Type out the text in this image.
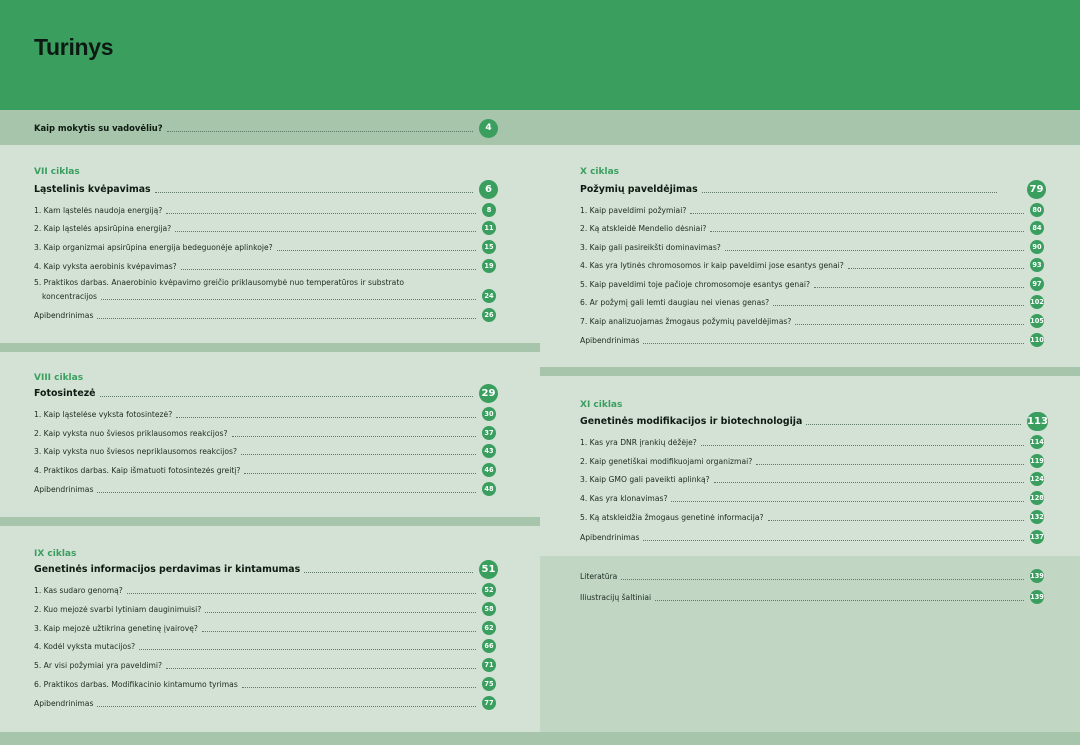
Turinys
Kaip mokytis su vadovėliu?	4
VII ciklas
Ląstelinis kvėpavimas	6
1. Kam ląstelės naudoja energiją?	8
2. Kaip ląstelės apsirūpina energija?	11
3. Kaip organizmai apsirūpina energija bedeguonėje aplinkoje?	15
4. Kaip vyksta aerobinis kvėpavimas?	19
5. Praktikos darbas. Anaerobinio kvėpavimo greičio priklausomybė nuo temperatūros ir substrato
koncentracijos	24
Apibendrinimas	26
VIII ciklas
Fotosintezė	29
1. Kaip ląstelėse vyksta fotosintezė?	30
2. Kaip vyksta nuo šviesos priklausomos reakcijos?	37
3. Kaip vyksta nuo šviesos nepriklausomos reakcijos?	43
4. Praktikos darbas. Kaip išmatuoti fotosintezės greitį?	46
Apibendrinimas	48
IX ciklas
Genetinės informacijos perdavimas ir kintamumas	51
1. Kas sudaro genomą?	52
2. Kuo mejozė svarbi lytiniam dauginimuisi?	58
3. Kaip mejozė užtikrina genetinę įvairovę?	62
4. Kodėl vyksta mutacijos?	66
5. Ar visi požymiai yra paveldimi?	71
6. Praktikos darbas. Modifikacinio kintamumo tyrimas	75
Apibendrinimas	77
X ciklas
Požymių paveldėjimas	79
1. Kaip paveldimi požymiai?	80
2. Ką atskleidė Mendelio dėsniai?	84
3. Kaip gali pasireikšti dominavimas?	90
4. Kas yra lytinės chromosomos ir kaip paveldimi jose esantys genai?	93
5. Kaip paveldimi toje pačioje chromosomoje esantys genai?	97
6. Ar požymį gali lemti daugiau nei vienas genas?	102
7. Kaip analizuojamas žmogaus požymių paveldėjimas?	105
Apibendrinimas	110
XI ciklas
Genetinės modifikacijos ir biotechnologija	113
1. Kas yra DNR įrankių dėžėje?	114
2. Kaip genetiškai modifikuojami organizmai?	119
3. Kaip GMO gali paveikti aplinką?	124
4. Kas yra klonavimas?	128
5. Ką atskleidžia žmogaus genetinė informacija?	132
Apibendrinimas	137
Literatūra	139
Iliustracijų šaltiniai	139
